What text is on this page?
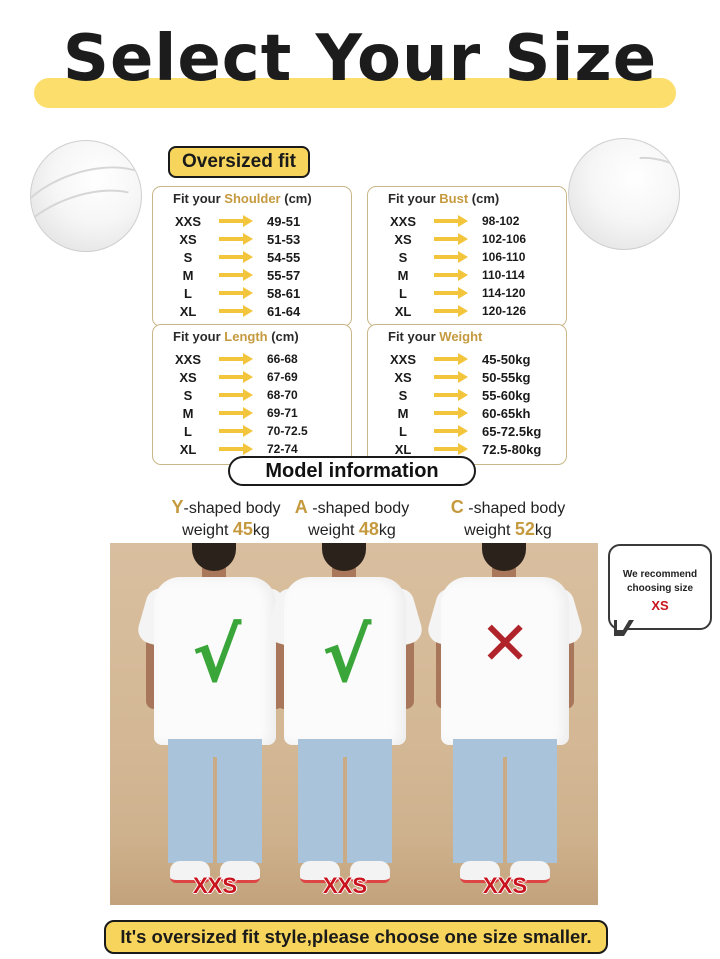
Select Your Size
Oversized fit
Fit your Shoulder (cm)
XXS	49-51
XS	51-53
S	54-55
M	55-57
L	58-61
XL	61-64
Fit your Bust (cm)
XXS	98-102
XS	102-106
S	106-110
M	110-114
L	114-120
XL	120-126
Fit your Length (cm)
XXS	66-68
XS	67-69
S	68-70
M	69-71
L	70-72.5
XL	72-74
Fit your Weight
XXS	45-50kg
XS	50-55kg
S	55-60kg
M	60-65kh
L	65-72.5kg
XL	72.5-80kg
Model information
Y-shaped body
weight 45kg
A -shaped body
weight 48kg
C -shaped body
weight 52kg
√
XXS
√
XXS
✕
XXS
We recommend
choosing size
XS
It's oversized fit style,please choose one size smaller.
